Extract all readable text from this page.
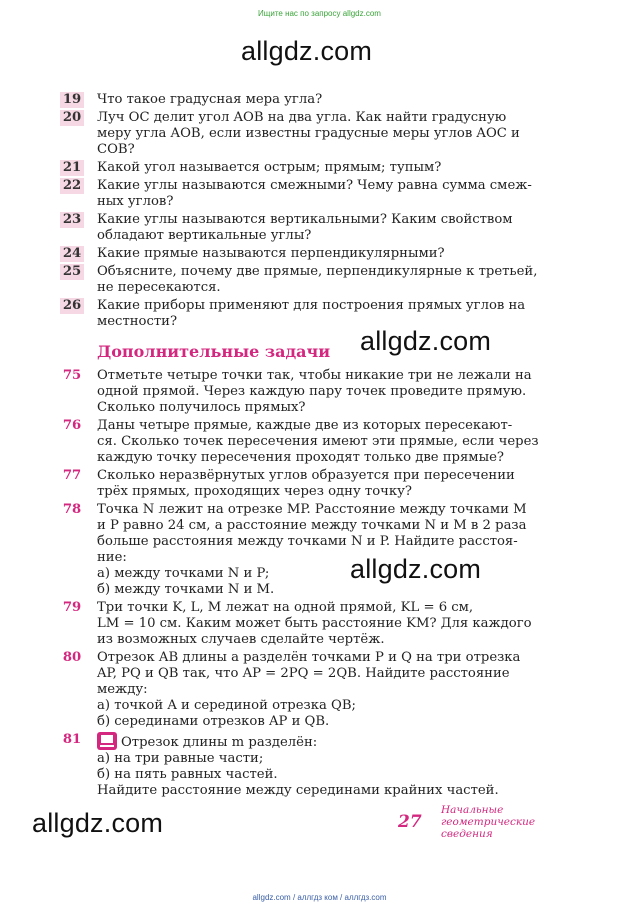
Ищите нас по запросу allgdz.com
allgdz.com
allgdz.com
allgdz.com
allgdz.com
19 Что такое градусная мера угла?
20 Луч OC делит угол AOB на два угла. Как найти градусную
меру угла AOB, если известны градусные меры углов AOC и
COB?
21 Какой угол называется острым; прямым; тупым?
22 Какие углы называются смежными? Чему равна сумма смеж-
ных углов?
23 Какие углы называются вертикальными? Каким свойством
обладают вертикальные углы?
24 Какие прямые называются перпендикулярными?
25 Объясните, почему две прямые, перпендикулярные к третьей,
не пересекаются.
26 Какие приборы применяют для построения прямых углов на
местности?
Дополнительные задачи
75 Отметьте четыре точки так, чтобы никакие три не лежали на
одной прямой. Через каждую пару точек проведите прямую.
Сколько получилось прямых?
76 Даны четыре прямые, каждые две из которых пересекают-
ся. Сколько точек пересечения имеют эти прямые, если через
каждую точку пересечения проходят только две прямые?
77 Сколько неразвёрнутых углов образуется при пересечении
трёх прямых, проходящих через одну точку?
78 Точка N лежит на отрезке MP. Расстояние между точками M
и P равно 24 см, а расстояние между точками N и M в 2 раза
больше расстояния между точками N и P. Найдите расстоя-
ние:
а) между точками N и P;
б) между точками N и M.
79 Три точки K, L, M лежат на одной прямой, KL = 6 см,
LM = 10 см. Каким может быть расстояние KM? Для каждого
из возможных случаев сделайте чертёж.
80 Отрезок AB длины a разделён точками P и Q на три отрезка
AP, PQ и QB так, что AP = 2PQ = 2QB. Найдите расстояние
между:
а) точкой A и серединой отрезка QB;
б) серединами отрезков AP и QB.
81	Отрезок длины m разделён:
а) на три равные части;
б) на пять равных частей.
Найдите расстояние между серединами крайних частей.
27
Начальные
геометрические
сведения
allgdz.com / аллгдз ком / аллгдз.com
